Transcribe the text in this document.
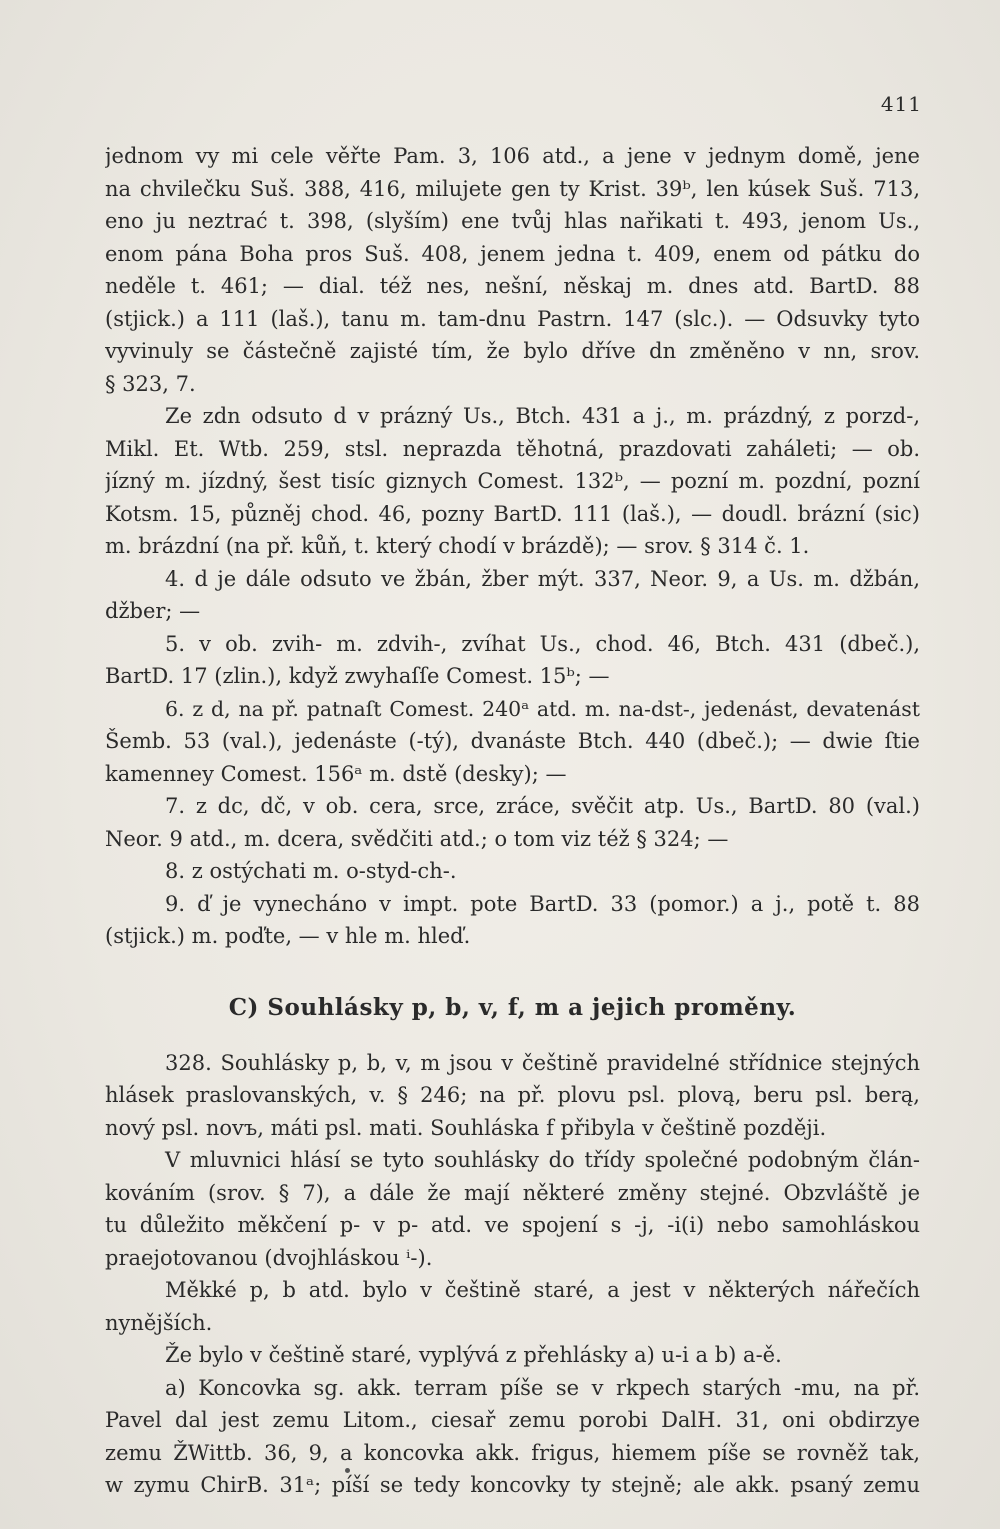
411
jednom vy mi cele věřte Pam. 3, 106 atd., a jene v jednym domě, jene
na chvilečku Suš. 388, 416, milujete gen ty Krist. 39ᵇ, len kúsek Suš. 713,
eno ju neztrać t. 398, (slyším) ene tvůj hlas nařikati t. 493, jenom Us.,
enom pána Boha pros Suš. 408, jenem jedna t. 409, enem od pátku do
neděle t. 461; — dial. též nes, nešní, něskaj m. dnes atd. BartD. 88
(stjick.) a 111 (laš.), tanu m. tam-dnu Pastrn. 147 (slc.). — Odsuvky tyto
vyvinuly se částečně zajisté tím, že bylo dříve dn změněno v nn, srov.
§ 323, 7.
Ze zdn odsuto d v prázný Us., Btch. 431 a j., m. prázdný, z porzd-,
Mikl. Et. Wtb. 259, stsl. neprazda těhotná, prazdovati zaháleti; — ob.
jízný m. jízdný, šest tisíc giznych Comest. 132ᵇ, — pozní m. pozdní, pozní
Kotsm. 15, půzněj chod. 46, pozny BartD. 111 (laš.), — doudl. brázní (sic)
m. brázdní (na př. kůň, t. který chodí v brázdě); — srov. § 314 č. 1.
4. d je dále odsuto ve žbán, žber mýt. 337, Neor. 9, a Us. m. džbán,
džber; —
5. v ob. zvih- m. zdvih-, zvíhat Us., chod. 46, Btch. 431 (dbeč.),
BartD. 17 (zlin.), když zwyhaſſe Comest. 15ᵇ; —
6. z d, na př. patnaſt Comest. 240ᵃ atd. m. na-dst-, jedenást, devatenást
Šemb. 53 (val.), jedenáste (-tý), dvanáste Btch. 440 (dbeč.); — dwie ſtie
kamenney Comest. 156ᵃ m. dstě (desky); —
7. z dc, dč, v ob. cera, srce, zráce, svěčit atp. Us., BartD. 80 (val.)
Neor. 9 atd., m. dcera, svědčiti atd.; o tom viz též § 324; —
8. z ostýchati m. o-styd-ch-.
9. ď je vynecháno v impt. pote BartD. 33 (pomor.) a j., potě t. 88
(stjick.) m. poďte, — v hle m. hleď.
C) Souhlásky p, b, v, f, m a jejich proměny.
328. Souhlásky p, b, v, m jsou v češtině pravidelné střídnice stejných
hlásek praslovanských, v. § 246; na př. plovu psl. plovą, beru psl. berą,
nový psl. novъ, máti psl. mati. Souhláska f přibyla v češtině později.
V mluvnici hlásí se tyto souhlásky do třídy společné podobným člán-
kováním (srov. § 7), a dále že mají některé změny stejné. Obzvláště je
tu důležito měkčení p- v p- atd. ve spojení s -j, -i(i) nebo samohláskou
praejotovanou (dvojhláskou ⁱ-).
Měkké p, b atd. bylo v češtině staré, a jest v některých nářečích
nynějších.
Že bylo v češtině staré, vyplývá z přehlásky a) u-i a b) a-ě.
a) Koncovka sg. akk. terram píše se v rkpech starých -mu, na př.
Pavel dal jest zemu Litom., ciesař zemu porobi DalH. 31, oni obdirzye
zemu ŽWittb. 36, 9, a koncovka akk. frigus, hiemem píše se rovněž tak,
w zymu ChirB. 31ᵃ; píší se tedy koncovky ty stejně; ale akk. psaný zemu
